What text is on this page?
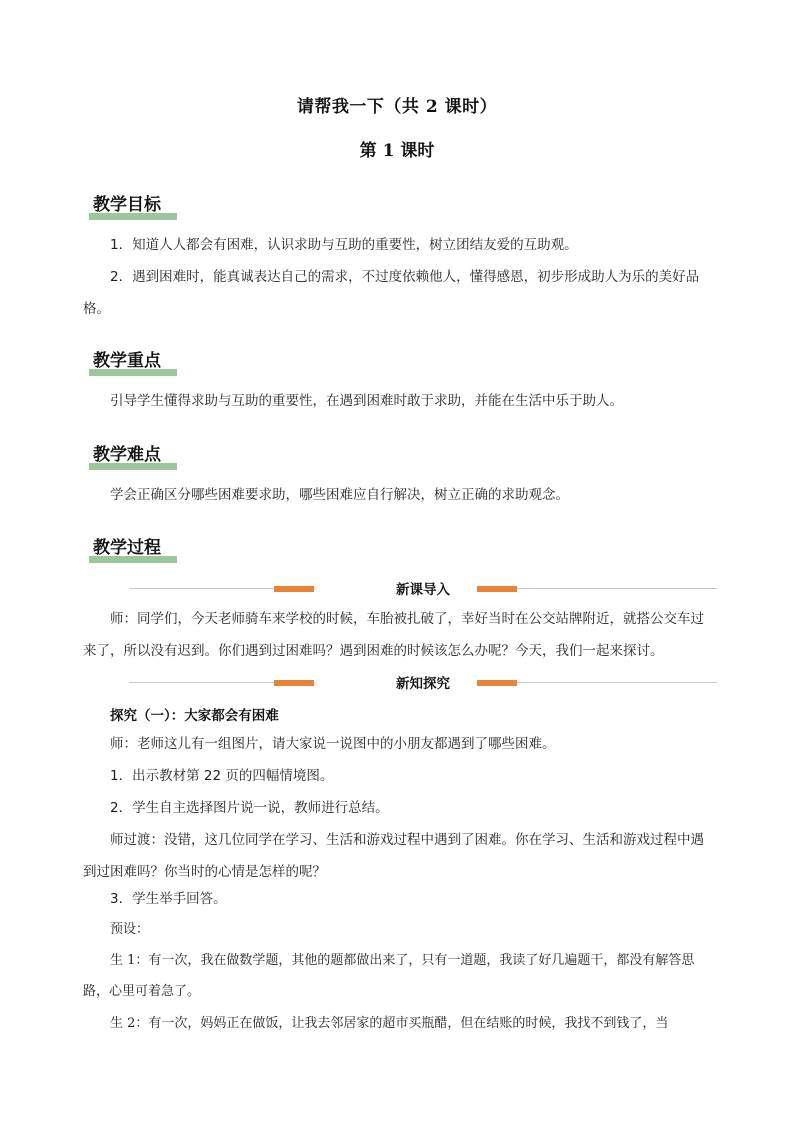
请帮我一下（共 2 课时）
第 1 课时
教学目标
1．知道人人都会有困难，认识求助与互助的重要性，树立团结友爱的互助观。
2．遇到困难时，能真诚表达自己的需求，不过度依赖他人，懂得感恩，初步形成助人为乐的美好品格。
教学重点
引导学生懂得求助与互助的重要性，在遇到困难时敢于求助，并能在生活中乐于助人。
教学难点
学会正确区分哪些困难要求助，哪些困难应自行解决，树立正确的求助观念。
教学过程
新课导入
师：同学们，今天老师骑车来学校的时候，车胎被扎破了，幸好当时在公交站牌附近，就搭公交车过来了，所以没有迟到。你们遇到过困难吗？遇到困难的时候该怎么办呢？今天，我们一起来探讨。
新知探究
探究（一）：大家都会有困难
师：老师这儿有一组图片，请大家说一说图中的小朋友都遇到了哪些困难。
1．出示教材第 22 页的四幅情境图。
2．学生自主选择图片说一说，教师进行总结。
师过渡：没错，这几位同学在学习、生活和游戏过程中遇到了困难。你在学习、生活和游戏过程中遇到过困难吗？你当时的心情是怎样的呢？
3．学生举手回答。
预设：
生 1：有一次，我在做数学题，其他的题都做出来了，只有一道题，我读了好几遍题干，都没有解答思路，心里可着急了。
生 2：有一次，妈妈正在做饭，让我去邻居家的超市买瓶醋，但在结账的时候，我找不到钱了，当
